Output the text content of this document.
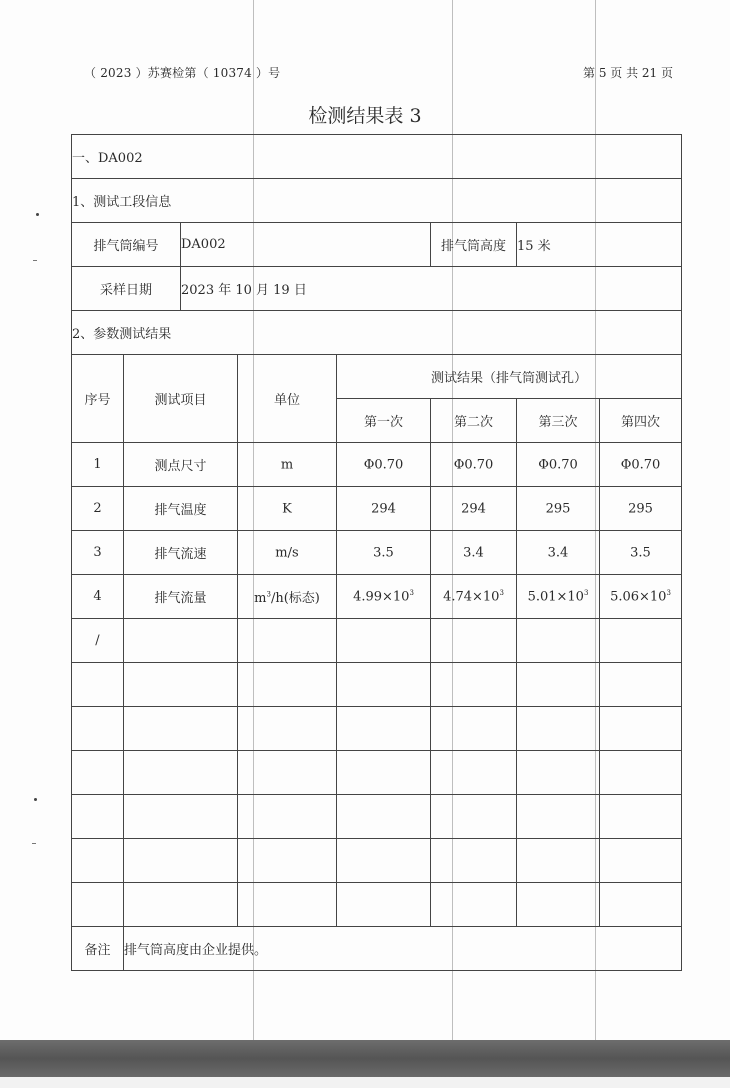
（ 2023 ）苏赛检第（ 10374 ）号	第 5 页 共 21 页
检测结果表 3
一、DA002							
1、测试工段信息							
排气筒编号		DA002			排气筒高度	15 米	
采样日期		2023 年 10 月 19 日					
2、参数测试结果							
序号	测试项目		单位	测试结果（排气筒测试孔）			
				第一次	第二次	第三次	第四次
1	测点尺寸		m	Φ0.70	Φ0.70	Φ0.70	Φ0.70
2	排气温度		K	294	294	295	295
3	排气流速		m/s	3.5	3.4	3.4	3.5
4	排气流量		$m^3/h$(标态)	$4.99\times 10^3$	$4.74\times 10^3$	$5.01\times 10^3$	$5.06\times 10^3$
/							

备注	排气筒高度由企业提供。						
